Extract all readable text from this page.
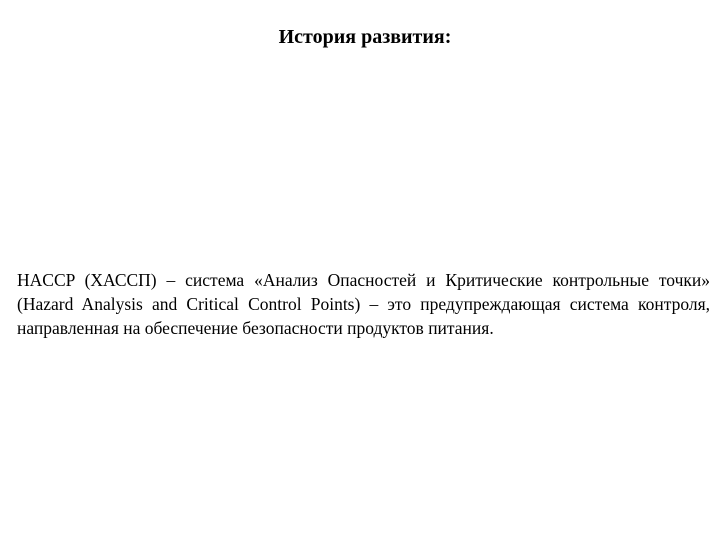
История развития:

HACCP (ХАССП) – система «Анализ Опасностей и Критические контрольные точки» (Hazard Analysis and Critical Control Points) – это предупреждающая система контроля, направленная на обеспечение безопасности продуктов питания.
